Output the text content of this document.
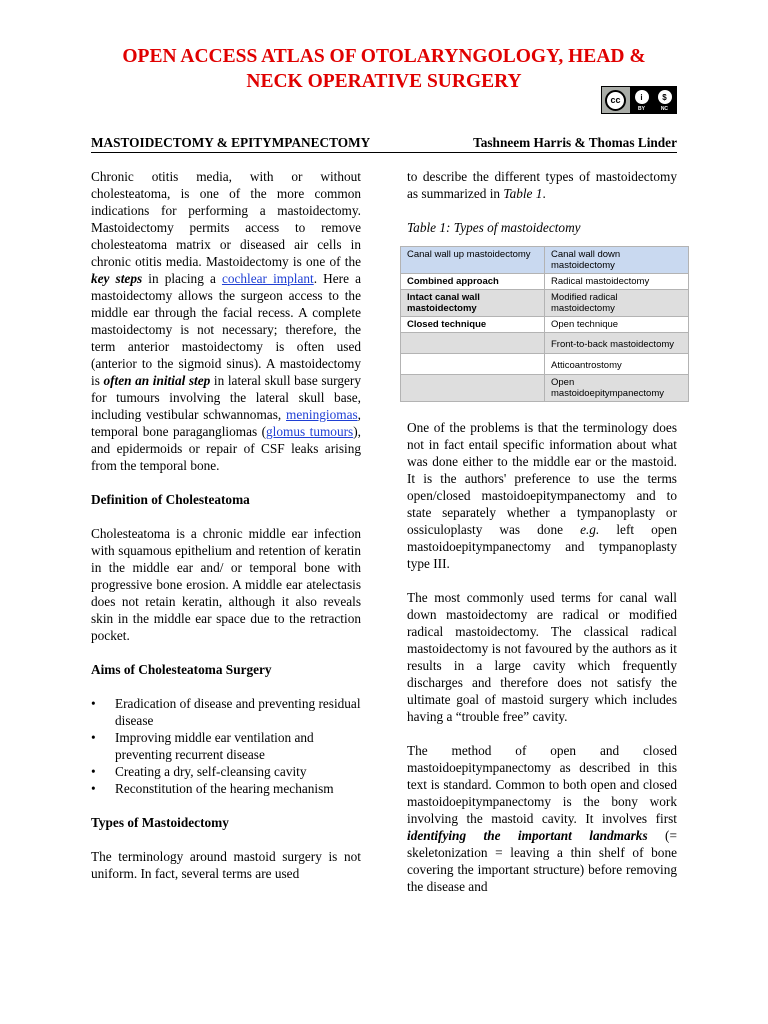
OPEN ACCESS ATLAS OF OTOLARYNGOLOGY, HEAD &
NECK OPERATIVE SURGERY
cc	i	$
BY	NC
MASTOIDECTOMY & EPITYMPANECTOMY	Tashneem Harris & Thomas Linder

Chronic otitis media, with or without cholesteatoma, is one of the more common indications for performing a mastoidectomy. Mastoidectomy permits access to remove cholesteatoma matrix or diseased air cells in chronic otitis media. Mastoidectomy is one of the key steps in placing a cochlear implant. Here a mastoidectomy allows the surgeon access to the middle ear through the facial recess. A complete mastoidectomy is not necessary; therefore, the term anterior mastoidectomy is often used (anterior to the sigmoid sinus). A mastoidectomy is often an initial step in lateral skull base surgery for tumours involving the lateral skull base, including vestibular schwannomas, meningiomas, temporal bone paragangliomas (glomus tumours), and epidermoids or repair of CSF leaks arising from the temporal bone.

Definition of Cholesteatoma

Cholesteatoma is a chronic middle ear infection with squamous epithelium and retention of keratin in the middle ear and/ or temporal bone with progressive bone erosion. A middle ear atelectasis does not retain keratin, although it also reveals skin in the middle ear space due to the retraction pocket.

Aims of Cholesteatoma Surgery
• Eradication of disease and preventing residual disease
• Improving middle ear ventilation and preventing recurrent disease
• Creating a dry, self-cleansing cavity
• Reconstitution of the hearing mechanism
Types of Mastoidectomy

The terminology around mastoid surgery is not uniform. In fact, several terms are used

to describe the different types of mastoidectomy as summarized in Table 1.

Table 1: Types of mastoidectomy

Canal wall up mastoidectomy	Canal wall down mastoidectomy
Combined approach	Radical mastoidectomy
Intact canal wall mastoidectomy	Modified radical mastoidectomy
Closed technique	Open technique
	Front-to-back mastoidectomy
	Atticoantrostomy
	Open mastoidoepitympanectomy

One of the problems is that the terminology does not in fact entail specific information about what was done either to the middle ear or the mastoid. It is the authors' preference to use the terms open/closed mastoidoepitympanectomy and to state separately whether a tympanoplasty or ossiculoplasty was done e.g. left open mastoidoepitympanectomy and tympanoplasty type III.

The most commonly used terms for canal wall down mastoidectomy are radical or modified radical mastoidectomy. The classical radical mastoidectomy is not favoured by the authors as it results in a large cavity which frequently discharges and therefore does not satisfy the ultimate goal of mastoid surgery which includes having a “trouble free” cavity.

The method of open and closed mastoidoepitympanectomy as described in this text is standard. Common to both open and closed mastoidoepitympanectomy is the bony work involving the mastoid cavity. It involves first identifying the important landmarks (= skeletonization = leaving a thin shelf of bone covering the important structure) before removing the disease and
